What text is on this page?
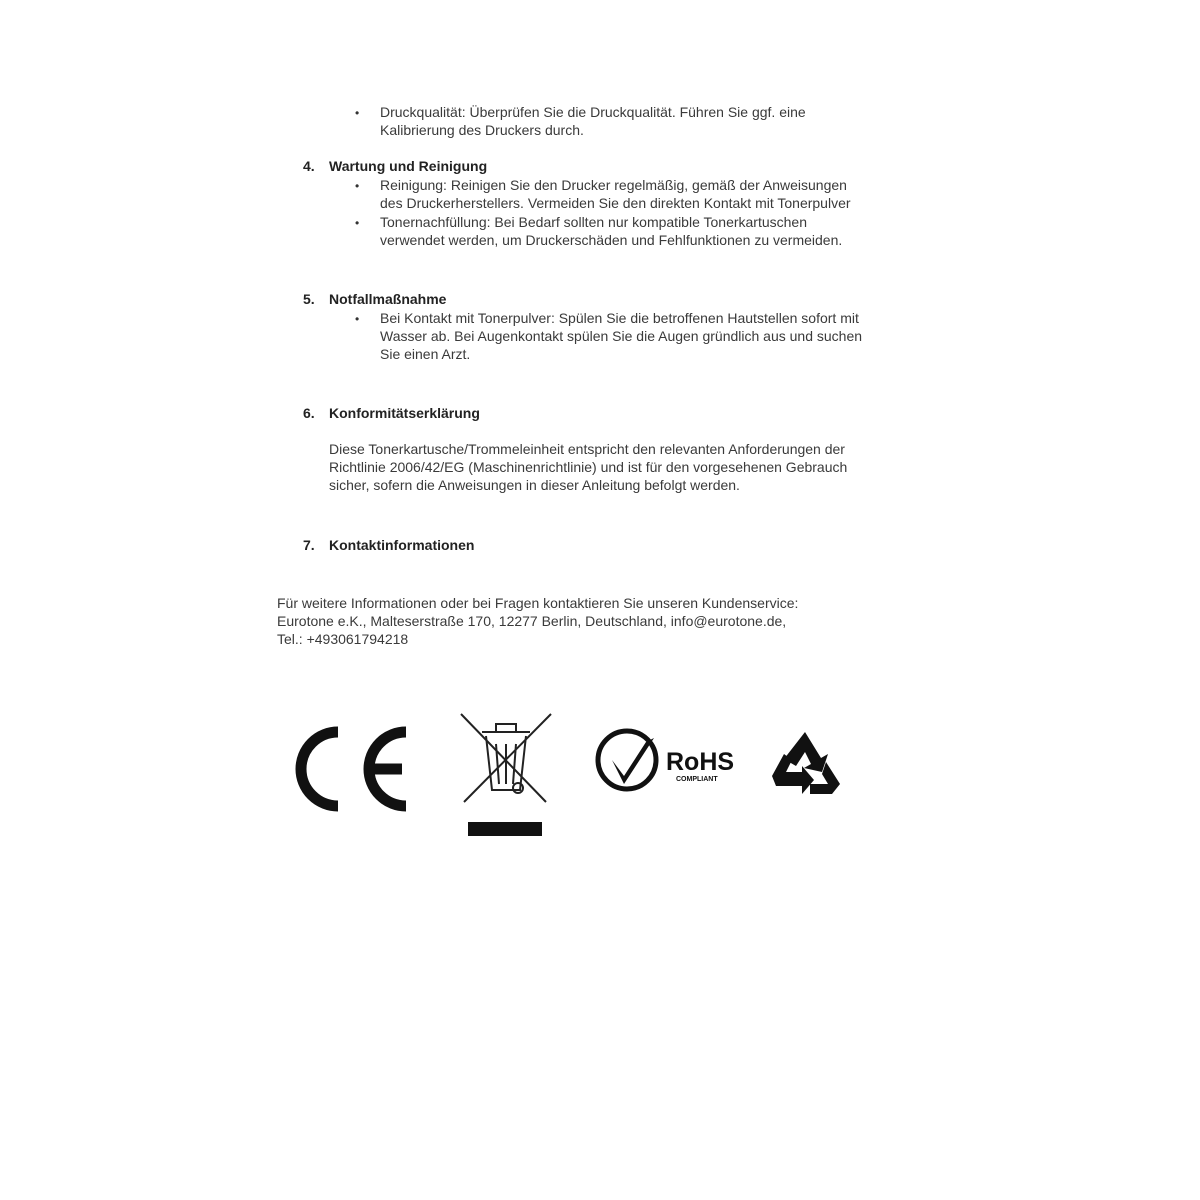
• Druckqualität: Überprüfen Sie die Druckqualität. Führen Sie ggf. eine
Kalibrierung des Druckers durch.
4. Wartung und Reinigung
• Reinigung: Reinigen Sie den Drucker regelmäßig, gemäß der Anweisungen
des Druckerherstellers. Vermeiden Sie den direkten Kontakt mit Tonerpulver
• Tonernachfüllung: Bei Bedarf sollten nur kompatible Tonerkartuschen
verwendet werden, um Druckerschäden und Fehlfunktionen zu vermeiden.
5. Notfallmaßnahme
• Bei Kontakt mit Tonerpulver: Spülen Sie die betroffenen Hautstellen sofort mit
Wasser ab. Bei Augenkontakt spülen Sie die Augen gründlich aus und suchen
Sie einen Arzt.
6. Konformitätserklärung
Diese Tonerkartusche/Trommeleinheit entspricht den relevanten Anforderungen der
Richtlinie 2006/42/EG (Maschinenrichtlinie) und ist für den vorgesehenen Gebrauch
sicher, sofern die Anweisungen in dieser Anleitung befolgt werden.
7. Kontaktinformationen
Für weitere Informationen oder bei Fragen kontaktieren Sie unseren Kundenservice:
Eurotone e.K., Malteserstraße 170, 12277 Berlin, Deutschland, info@eurotone.de,
Tel.: +493061794218
RoHS
COMPLIANT
